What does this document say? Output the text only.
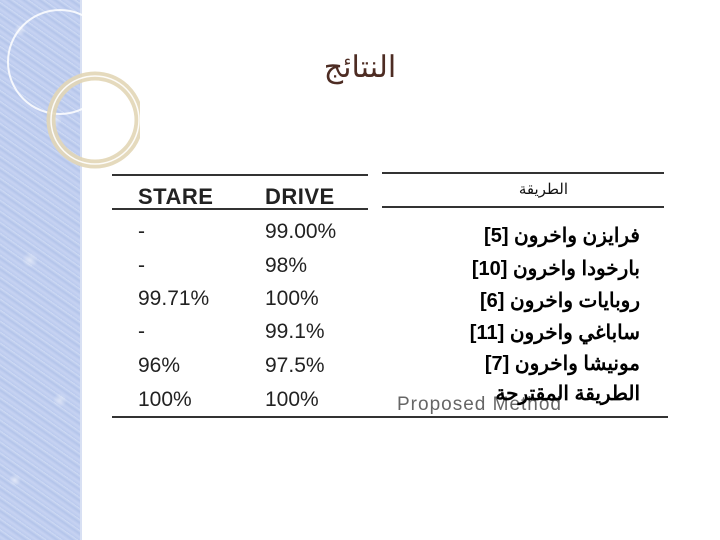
النتائج
STARE DRIVE	الطريقة
Proposed Method
-	99.00%	فرايزن واخرون [5]
-	98%	بارخودا واخرون [10]
99.71%	100%	روبايات واخرون [6]
-	99.1%	ساباغي واخرون [11]
96%	97.5%	مونيشا واخرون [7]
100%	100%	الطريقة المقترحة
